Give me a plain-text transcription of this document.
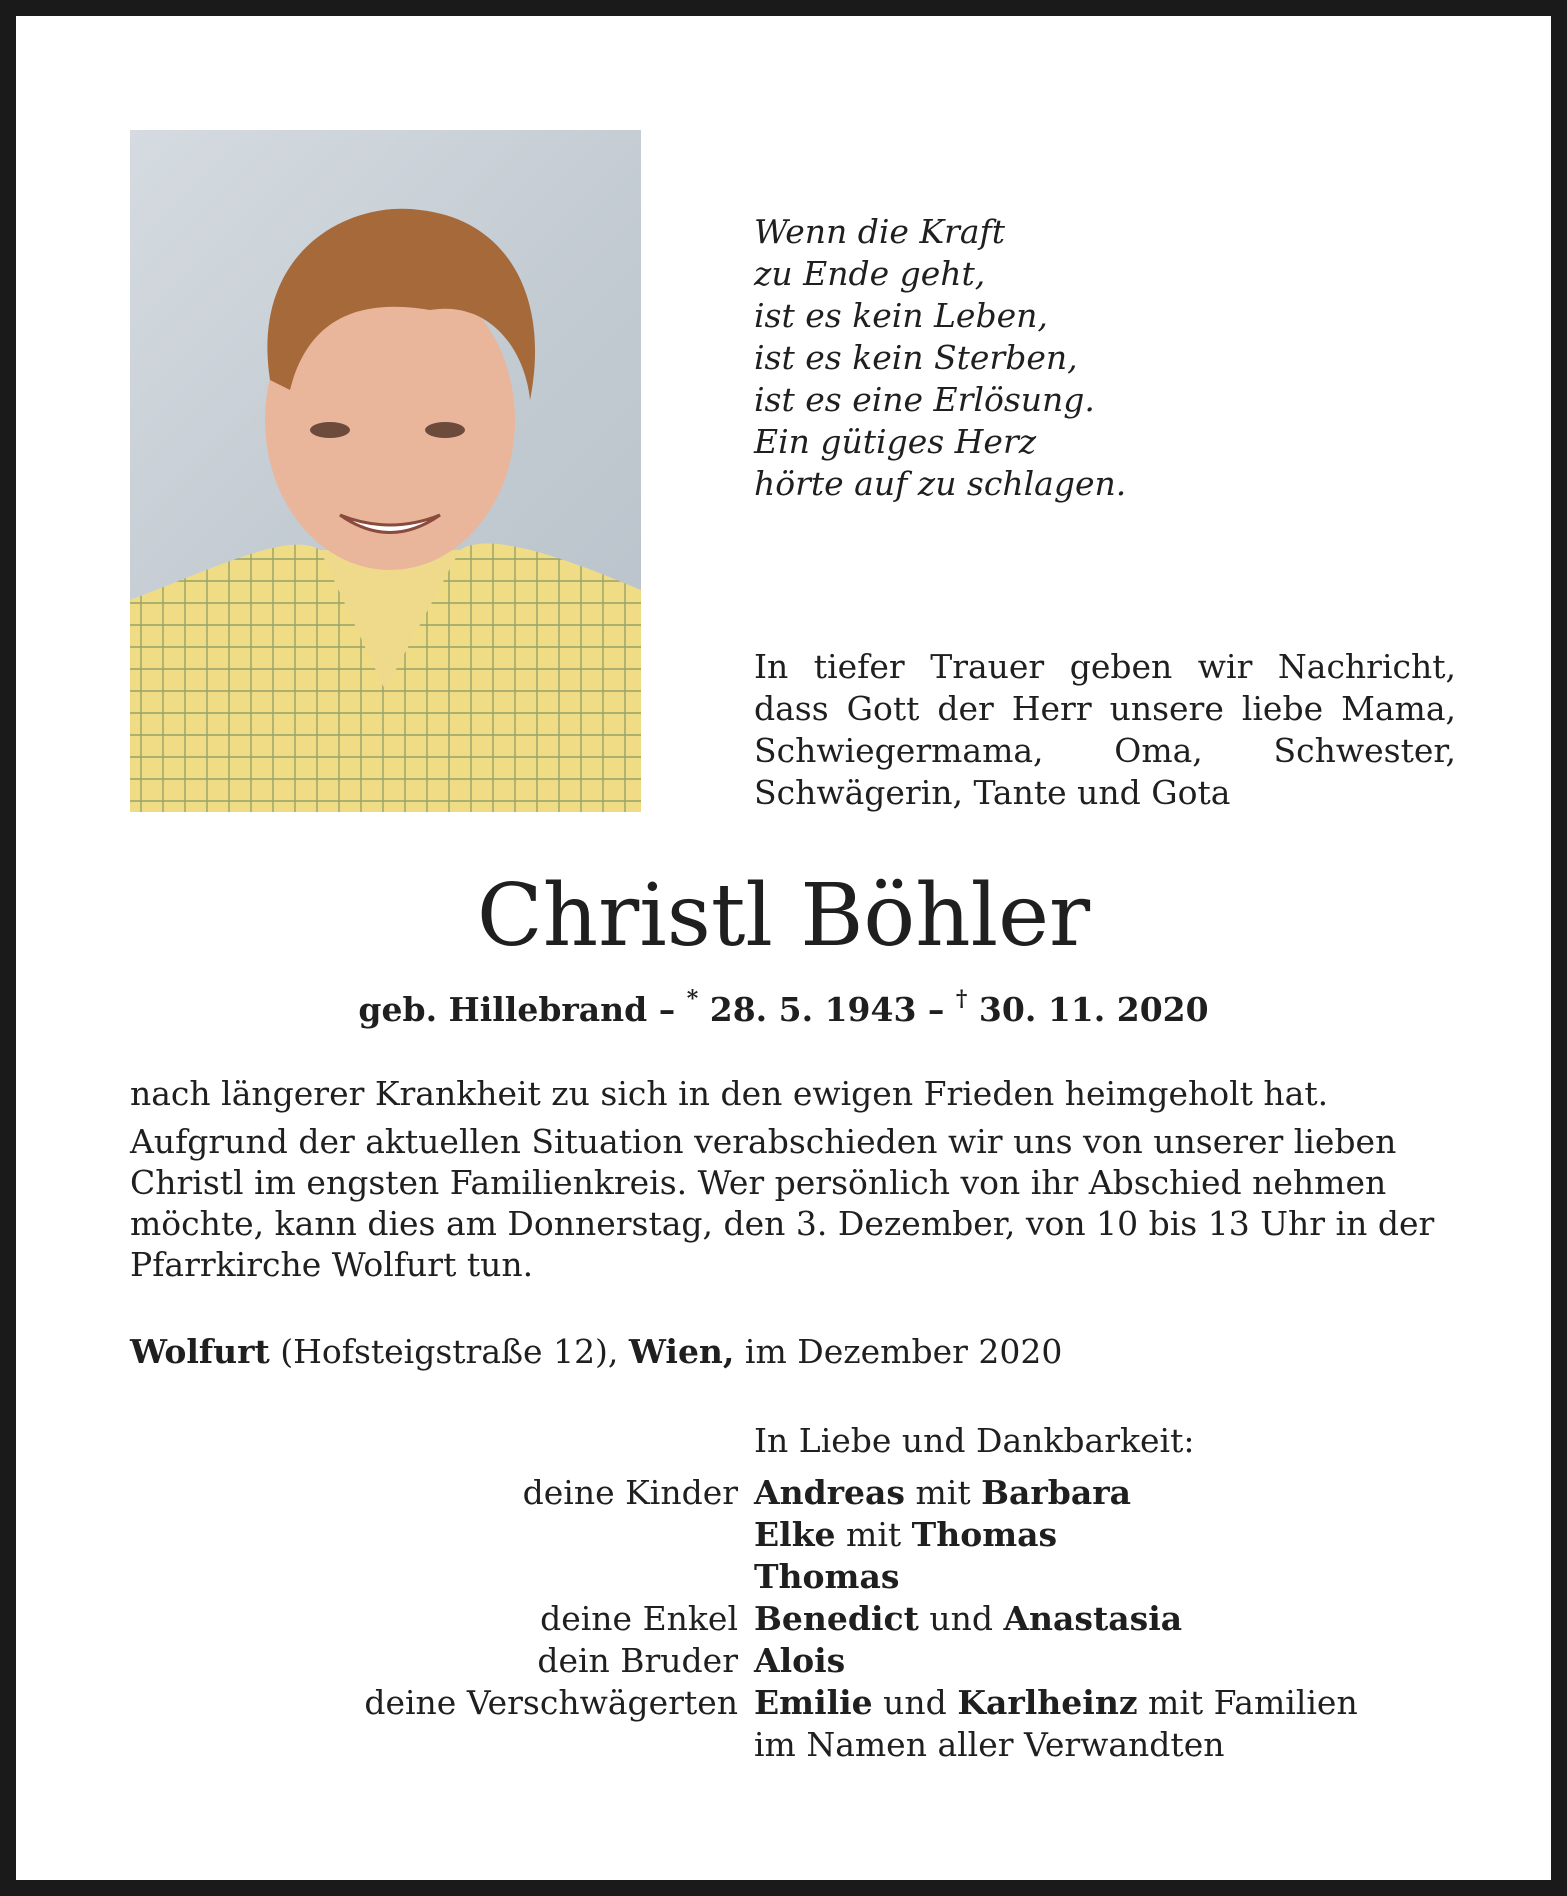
Wenn die Kraft
zu Ende geht,
ist es kein Leben,
ist es kein Sterben,
ist es eine Erlösung.
Ein gütiges Herz
hörte auf zu schlagen.
In tiefer Trauer geben wir Nachricht, dass Gott der Herr unsere liebe Mama, Schwiegermama, Oma, Schwester, Schwägerin, Tante und Gota
Christl Böhler
geb. Hillebrand – * 28. 5. 1943 – † 30. 11. 2020

nach längerer Krankheit zu sich in den ewigen Frieden heimgeholt hat.

Aufgrund der aktuellen Situation verabschieden wir uns von unserer lieben Christl im engsten Familienkreis. Wer persönlich von ihr Abschied nehmen möchte, kann dies am Donnerstag, den 3. Dezember, von 10 bis 13 Uhr in der Pfarrkirche Wolfurt tun.

Wolfurt (Hofsteigstraße 12), Wien, im Dezember 2020
In Liebe und Dankbarkeit:
deine Kinder Andreas mit Barbara
Elke mit Thomas
Thomas
deine Enkel Benedict und Anastasia
dein Bruder Alois
deine Verschwägerten Emilie und Karlheinz mit Familien
im Namen aller Verwandten
